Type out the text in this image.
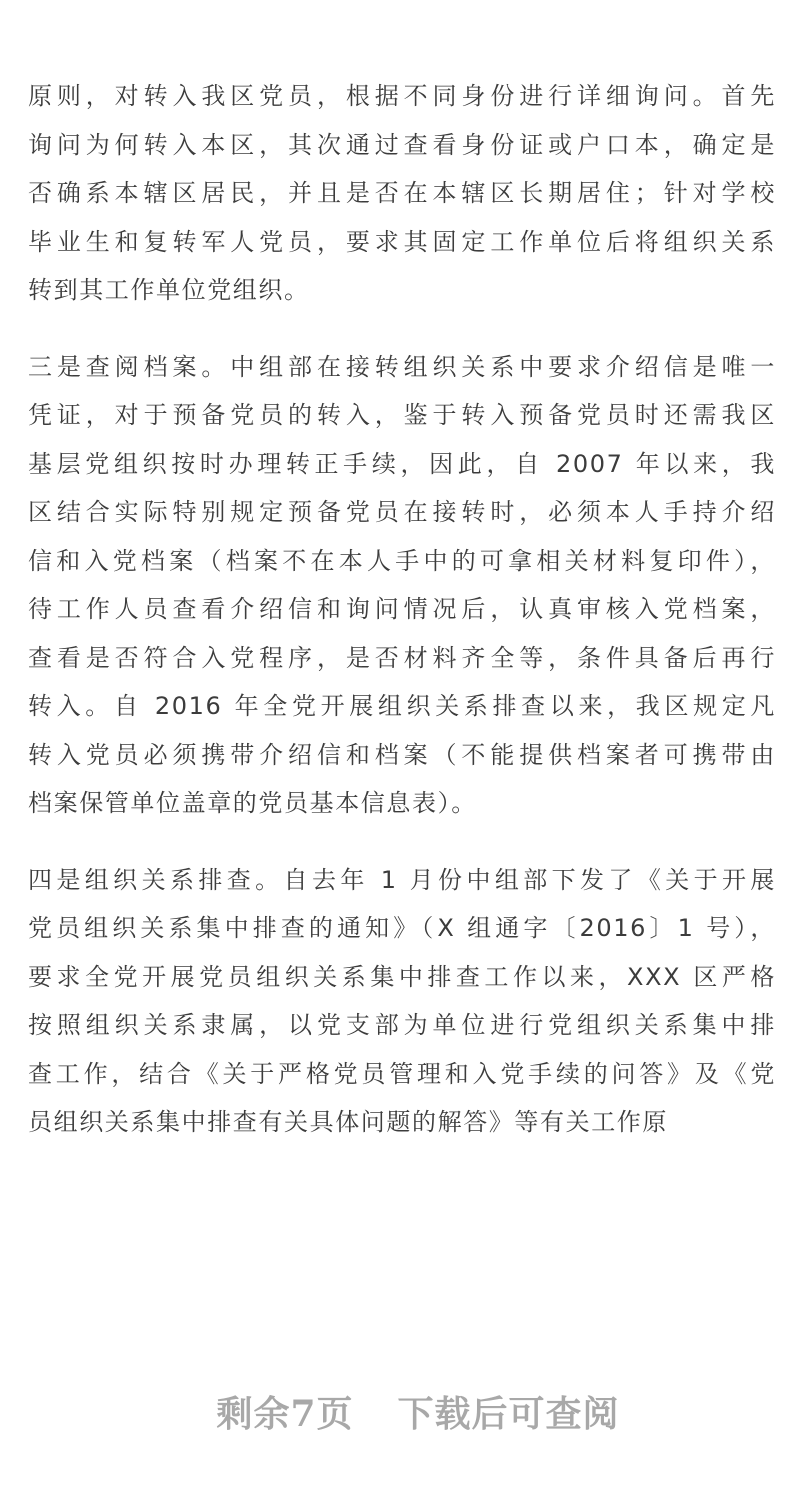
原则，对转入我区党员，根据不同身份进行详细询问。首先
询问为何转入本区，其次通过查看身份证或户口本，确定是
否确系本辖区居民，并且是否在本辖区长期居住；针对学校
毕业生和复转军人党员，要求其固定工作单位后将组织关系
转到其工作单位党组织。

三是查阅档案。中组部在接转组织关系中要求介绍信是唯一
凭证，对于预备党员的转入，鉴于转入预备党员时还需我区
基层党组织按时办理转正手续，因此，自 2007 年以来，我
区结合实际特别规定预备党员在接转时，必须本人手持介绍
信和入党档案（档案不在本人手中的可拿相关材料复印件），
待工作人员查看介绍信和询问情况后，认真审核入党档案，
查看是否符合入党程序，是否材料齐全等，条件具备后再行
转入。自 2016 年全党开展组织关系排查以来，我区规定凡
转入党员必须携带介绍信和档案（不能提供档案者可携带由
档案保管单位盖章的党员基本信息表）。

四是组织关系排查。自去年 1 月份中组部下发了《关于开展
党员组织关系集中排查的通知》（X 组通字〔2016〕1 号），
要求全党开展党员组织关系集中排查工作以来，XXX 区严格
按照组织关系隶属，以党支部为单位进行党组织关系集中排
查工作，结合《关于严格党员管理和入党手续的问答》及《党
员组织关系集中排查有关具体问题的解答》等有关工作原

剩余7页 下载后可查阅
